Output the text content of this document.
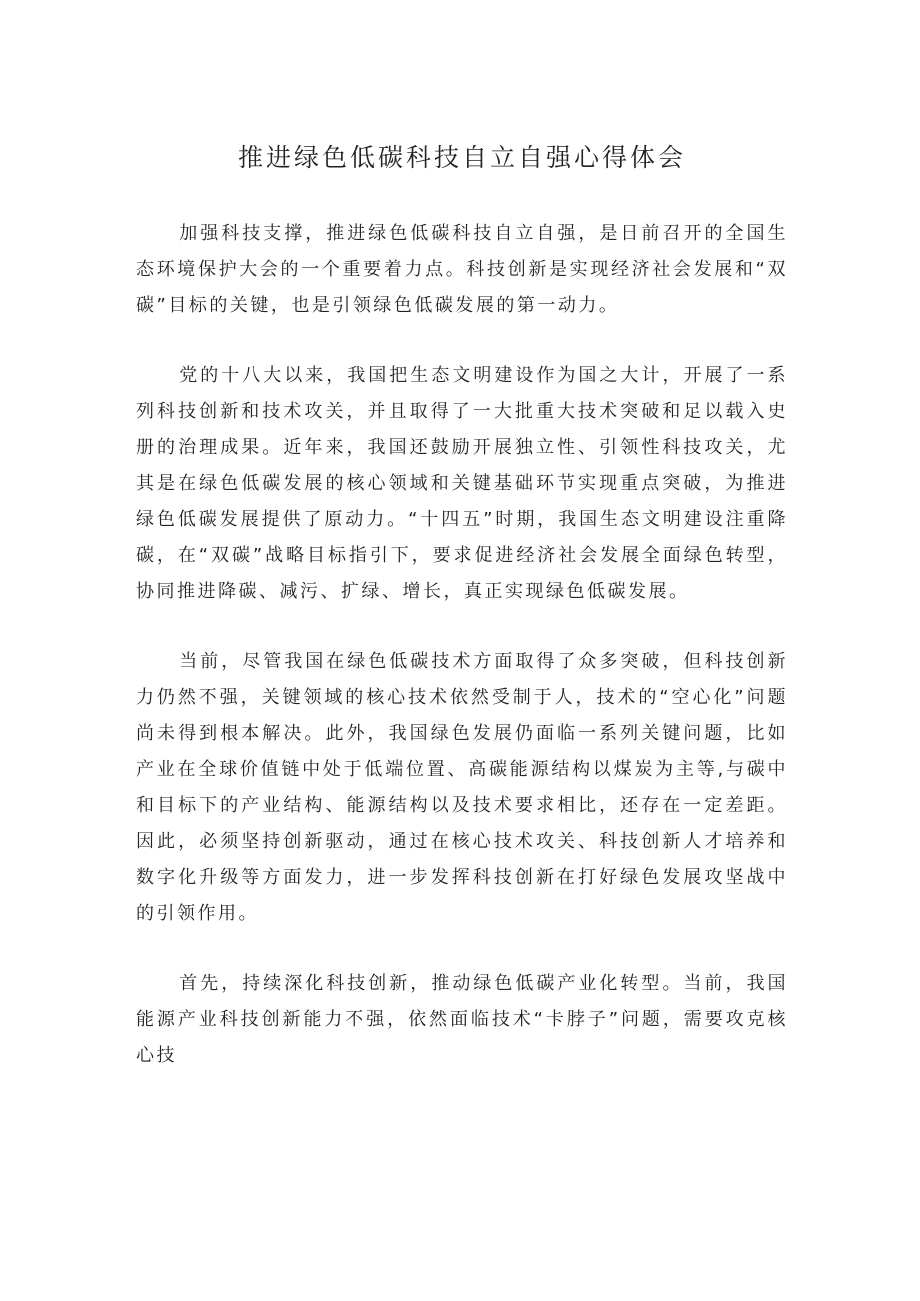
推进绿色低碳科技自立自强心得体会

加强科技支撑，推进绿色低碳科技自立自强，是日前召开的全国生态环境保护大会的一个重要着力点。科技创新是实现经济社会发展和“双碳”目标的关键，也是引领绿色低碳发展的第一动力。

党的十八大以来，我国把生态文明建设作为国之大计，开展了一系列科技创新和技术攻关，并且取得了一大批重大技术突破和足以载入史册的治理成果。近年来，我国还鼓励开展独立性、引领性科技攻关，尤其是在绿色低碳发展的核心领域和关键基础环节实现重点突破，为推进绿色低碳发展提供了原动力。“十四五”时期，我国生态文明建设注重降碳，在“双碳”战略目标指引下，要求促进经济社会发展全面绿色转型，协同推进降碳、减污、扩绿、增长，真正实现绿色低碳发展。

当前，尽管我国在绿色低碳技术方面取得了众多突破，但科技创新力仍然不强，关键领域的核心技术依然受制于人，技术的“空心化”问题尚未得到根本解决。此外，我国绿色发展仍面临一系列关键问题，比如产业在全球价值链中处于低端位置、高碳能源结构以煤炭为主等,与碳中和目标下的产业结构、能源结构以及技术要求相比，还存在一定差距。因此，必须坚持创新驱动，通过在核心技术攻关、科技创新人才培养和数字化升级等方面发力，进一步发挥科技创新在打好绿色发展攻坚战中的引领作用。

首先，持续深化科技创新，推动绿色低碳产业化转型。当前，我国能源产业科技创新能力不强，依然面临技术“卡脖子”问题，需要攻克核心技
